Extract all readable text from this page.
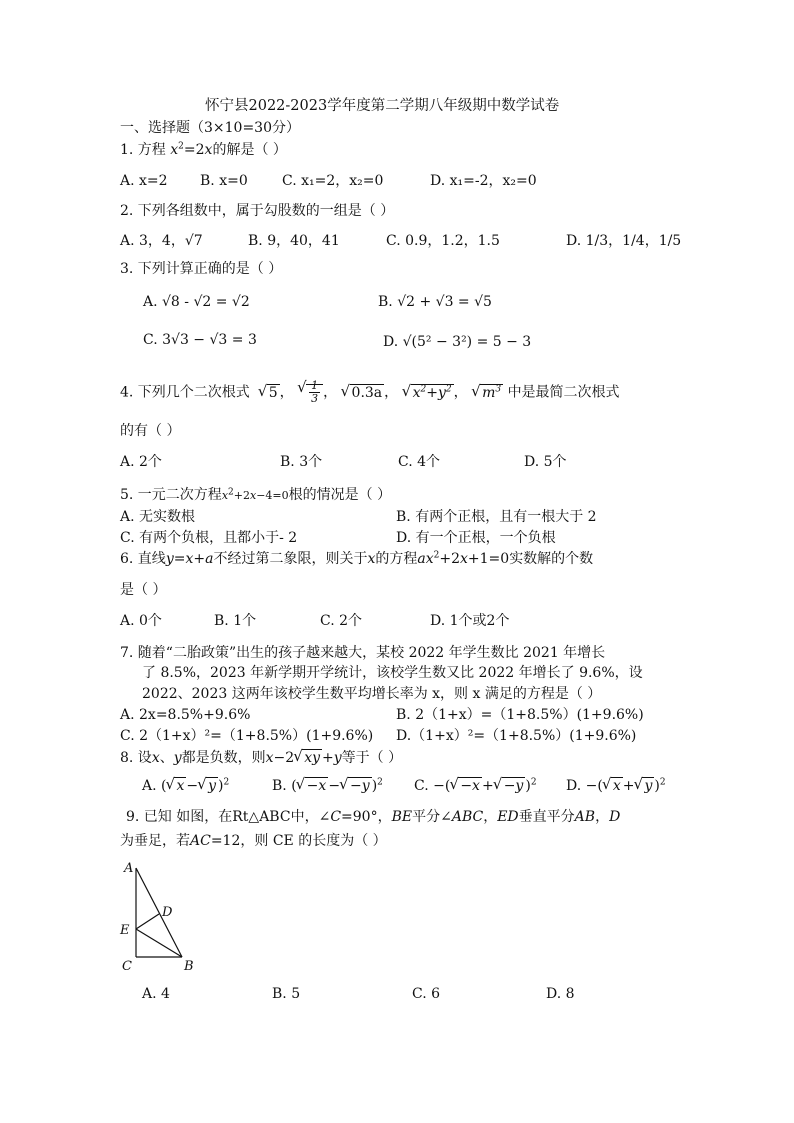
怀宁县2022-2023学年度第二学期八年级期中数学试卷
一、选择题（3×10=30分）
1. 方程 $x^2=2x$的解是（ ）
A. x=2 B. x=0 C. x₁=2，x₂=0	D. x₁=-2，x₂=0
2. 下列各组数中，属于勾股数的一组是（ ）
A. 3，4，√7	B. 9，40，41	C. 0.9，1.2，1.5	D. 1/3，1/4，1/5
3. 下列计算正确的是（ ）
A. √8 - √2 = √2	B. √2 + √3 = √5
C. 3√3 − √3 = 3	D. √(5² − 3²) = 5 − 3
4. 下列几个二次根式 √ 5 ， √ $\frac{1}{3}$ ， √ 0.3a ， √ $x^2+y^2$ ， √ $m^3$ 中是最简二次根式
的有（ ）
A. 2个	B. 3个	C. 4个	D. 5个
5. 一元二次方程$x^2+2x-4=0$根的情况是（ ）
A. 无实数根	B. 有两个正根，且有一根大于 2
C. 有两个负根，且都小于- 2	D. 有一个正根，一个负根
6. 直线y=x+a不经过第二象限，则关于x的方程$ax^2+2x+1=0$实数解的个数
是（ ）
A. 0个	B. 1个	C. 2个	D. 1个或2个
7. 随着“二胎政策”出生的孩子越来越大，某校 2022 年学生数比 2021 年增长
了 8.5%，2023 年新学期开学统计，该校学生数又比 2022 年增长了 9.6%，设
2022、2023 这两年该校学生数平均增长率为 x，则 x 满足的方程是（ ）
A. 2x=8.5%+9.6%	B. 2（1+x）=（1+8.5%）(1+9.6%)
C. 2（1+x）²=（1+8.5%）(1+9.6%) D.（1+x）²=（1+8.5%）(1+9.6%)
8. 设x、y都是负数，则x−2 √ xy +y等于（ ）
A. ( √ x − √ y )$^2$	B. ( √ −x − √ −y )$^2$ C. −( √ −x + √ −y )$^2$ D. −( √ x + √ y )$^2$
9. 已知 如图，在Rt△ABC中，∠C=90°，BE平分∠ABC，ED垂直平分AB，D
为垂足，若AC=12，则 CE 的长度为（ ）
A
D
E
C	B
A. 4	B. 5	C. 6	D. 8
